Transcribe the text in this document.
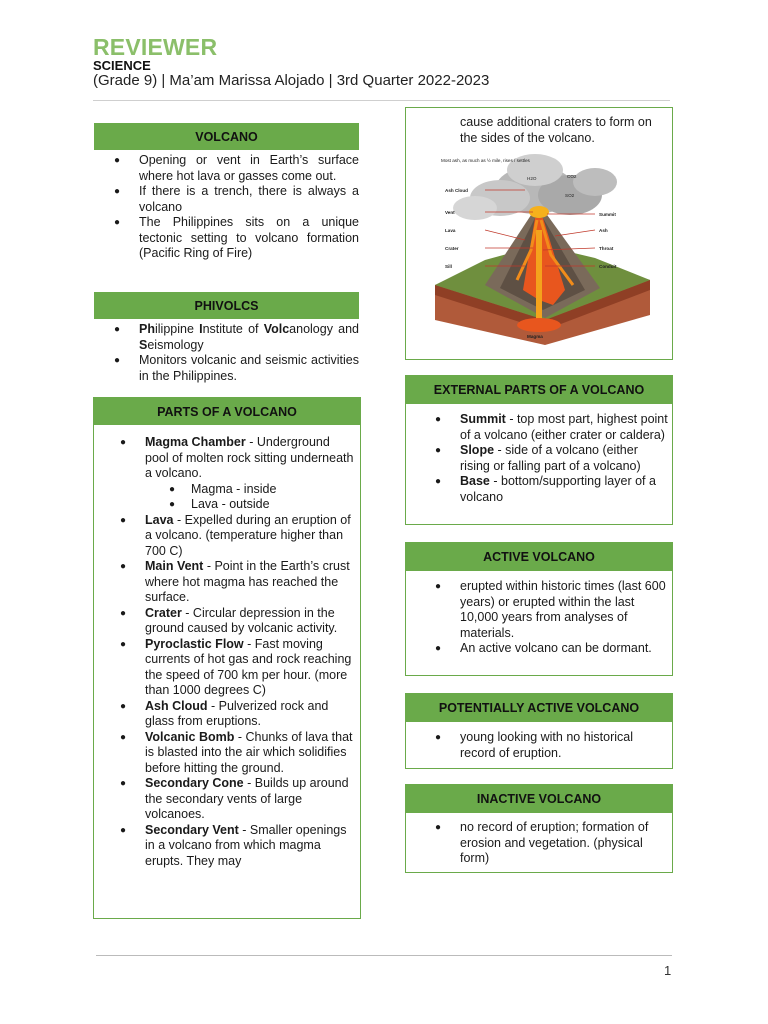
REVIEWER
SCIENCE
(Grade 9) | Ma’am Marissa Alojado | 3rd Quarter 2022-2023
VOLCANO
● Opening or vent in Earth’s surface where hot lava or gasses come out.
● If there is a trench, there is always a volcano
● The Philippines sits on a unique tectonic setting to volcano formation (Pacific Ring of Fire)
PHIVOLCS
● Philippine Institute of Volcanology and Seismology
● Monitors volcanic and seismic activities in the Philippines.
PARTS OF A VOLCANO
● Magma Chamber - Underground pool of molten rock sitting underneath a volcano.
● Magma - inside
● Lava - outside
● Lava - Expelled during an eruption of a volcano. (temperature higher than 700 C)
● Main Vent - Point in the Earth’s crust where hot magma has reached the surface.
● Crater - Circular depression in the ground caused by volcanic activity.
● Pyroclastic Flow - Fast moving currents of hot gas and rock reaching the speed of 700 km per hour. (more than 1000 degrees C)
● Ash Cloud - Pulverized rock and glass from eruptions.
● Volcanic Bomb - Chunks of lava that is blasted into the air which solidifies before hitting the ground.
● Secondary Cone - Builds up around the secondary vents of large volcanoes.
● Secondary Vent - Smaller openings in a volcano from which magma erupts. They may
cause additional craters to form on the sides of the volcano.
Most ash, as much as ½ mile, rises / settles
H2O	CO2
SO2
Ash Cloud
Vent
Lava
Crater
Sill
Summit
Ash
Throat
Conduit
Magma
EXTERNAL PARTS OF A VOLCANO
● Summit - top most part, highest point of a volcano (either crater or caldera)
● Slope - side of a volcano (either rising or falling part of a volcano)
● Base - bottom/supporting layer of a volcano
ACTIVE VOLCANO
● erupted within historic times (last 600 years) or erupted within the last 10,000 years from analyses of materials.
● An active volcano can be dormant.
POTENTIALLY ACTIVE VOLCANO
● young looking with no historical record of eruption.
INACTIVE VOLCANO
● no record of eruption; formation of erosion and vegetation. (physical form)
1
